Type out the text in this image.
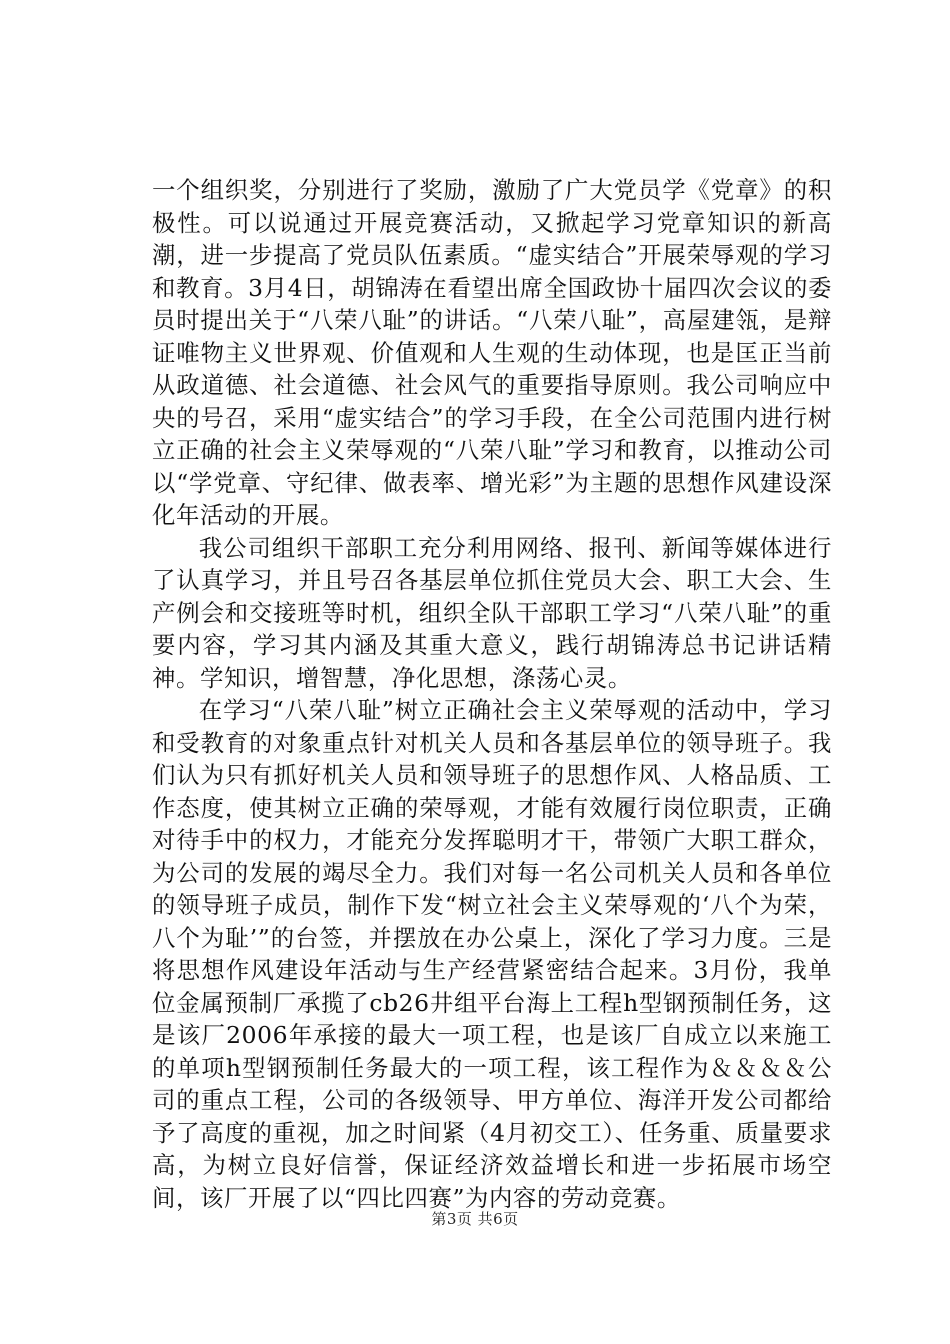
一个组织奖，分别进行了奖励，激励了广大党员学《党章》的积极性。可以说通过开展竞赛活动，又掀起学习党章知识的新高潮，进一步提高了党员队伍素质。“虚实结合”开展荣辱观的学习和教育。3月4日，胡锦涛在看望出席全国政协十届四次会议的委员时提出关于“八荣八耻”的讲话。“八荣八耻”，高屋建瓴，是辩证唯物主义世界观、价值观和人生观的生动体现，也是匡正当前从政道德、社会道德、社会风气的重要指导原则。我公司响应中央的号召，采用“虚实结合”的学习手段，在全公司范围内进行树立正确的社会主义荣辱观的“八荣八耻”学习和教育，以推动公司以“学党章、守纪律、做表率、增光彩”为主题的思想作风建设深化年活动的开展。

我公司组织干部职工充分利用网络、报刊、新闻等媒体进行了认真学习，并且号召各基层单位抓住党员大会、职工大会、生产例会和交接班等时机，组织全队干部职工学习“八荣八耻”的重要内容，学习其内涵及其重大意义，践行胡锦涛总书记讲话精神。学知识，增智慧，净化思想，涤荡心灵。

在学习“八荣八耻”树立正确社会主义荣辱观的活动中，学习和受教育的对象重点针对机关人员和各基层单位的领导班子。我们认为只有抓好机关人员和领导班子的思想作风、人格品质、工作态度，使其树立正确的荣辱观，才能有效履行岗位职责，正确对待手中的权力，才能充分发挥聪明才干，带领广大职工群众，为公司的发展的竭尽全力。我们对每一名公司机关人员和各单位的领导班子成员，制作下发“树立社会主义荣辱观的‘八个为荣，八个为耻’”的台签，并摆放在办公桌上，深化了学习力度。三是将思想作风建设年活动与生产经营紧密结合起来。3月份，我单位金属预制厂承揽了cb26井组平台海上工程h型钢预制任务，这是该厂2006年承接的最大一项工程，也是该厂自成立以来施工的单项h型钢预制任务最大的一项工程，该工程作为＆＆＆＆公司的重点工程，公司的各级领导、甲方单位、海洋开发公司都给予了高度的重视，加之时间紧（4月初交工）、任务重、质量要求高，为树立良好信誉，保证经济效益增长和进一步拓展市场空间，该厂开展了以“四比四赛”为内容的劳动竞赛。

第3页 共6页
